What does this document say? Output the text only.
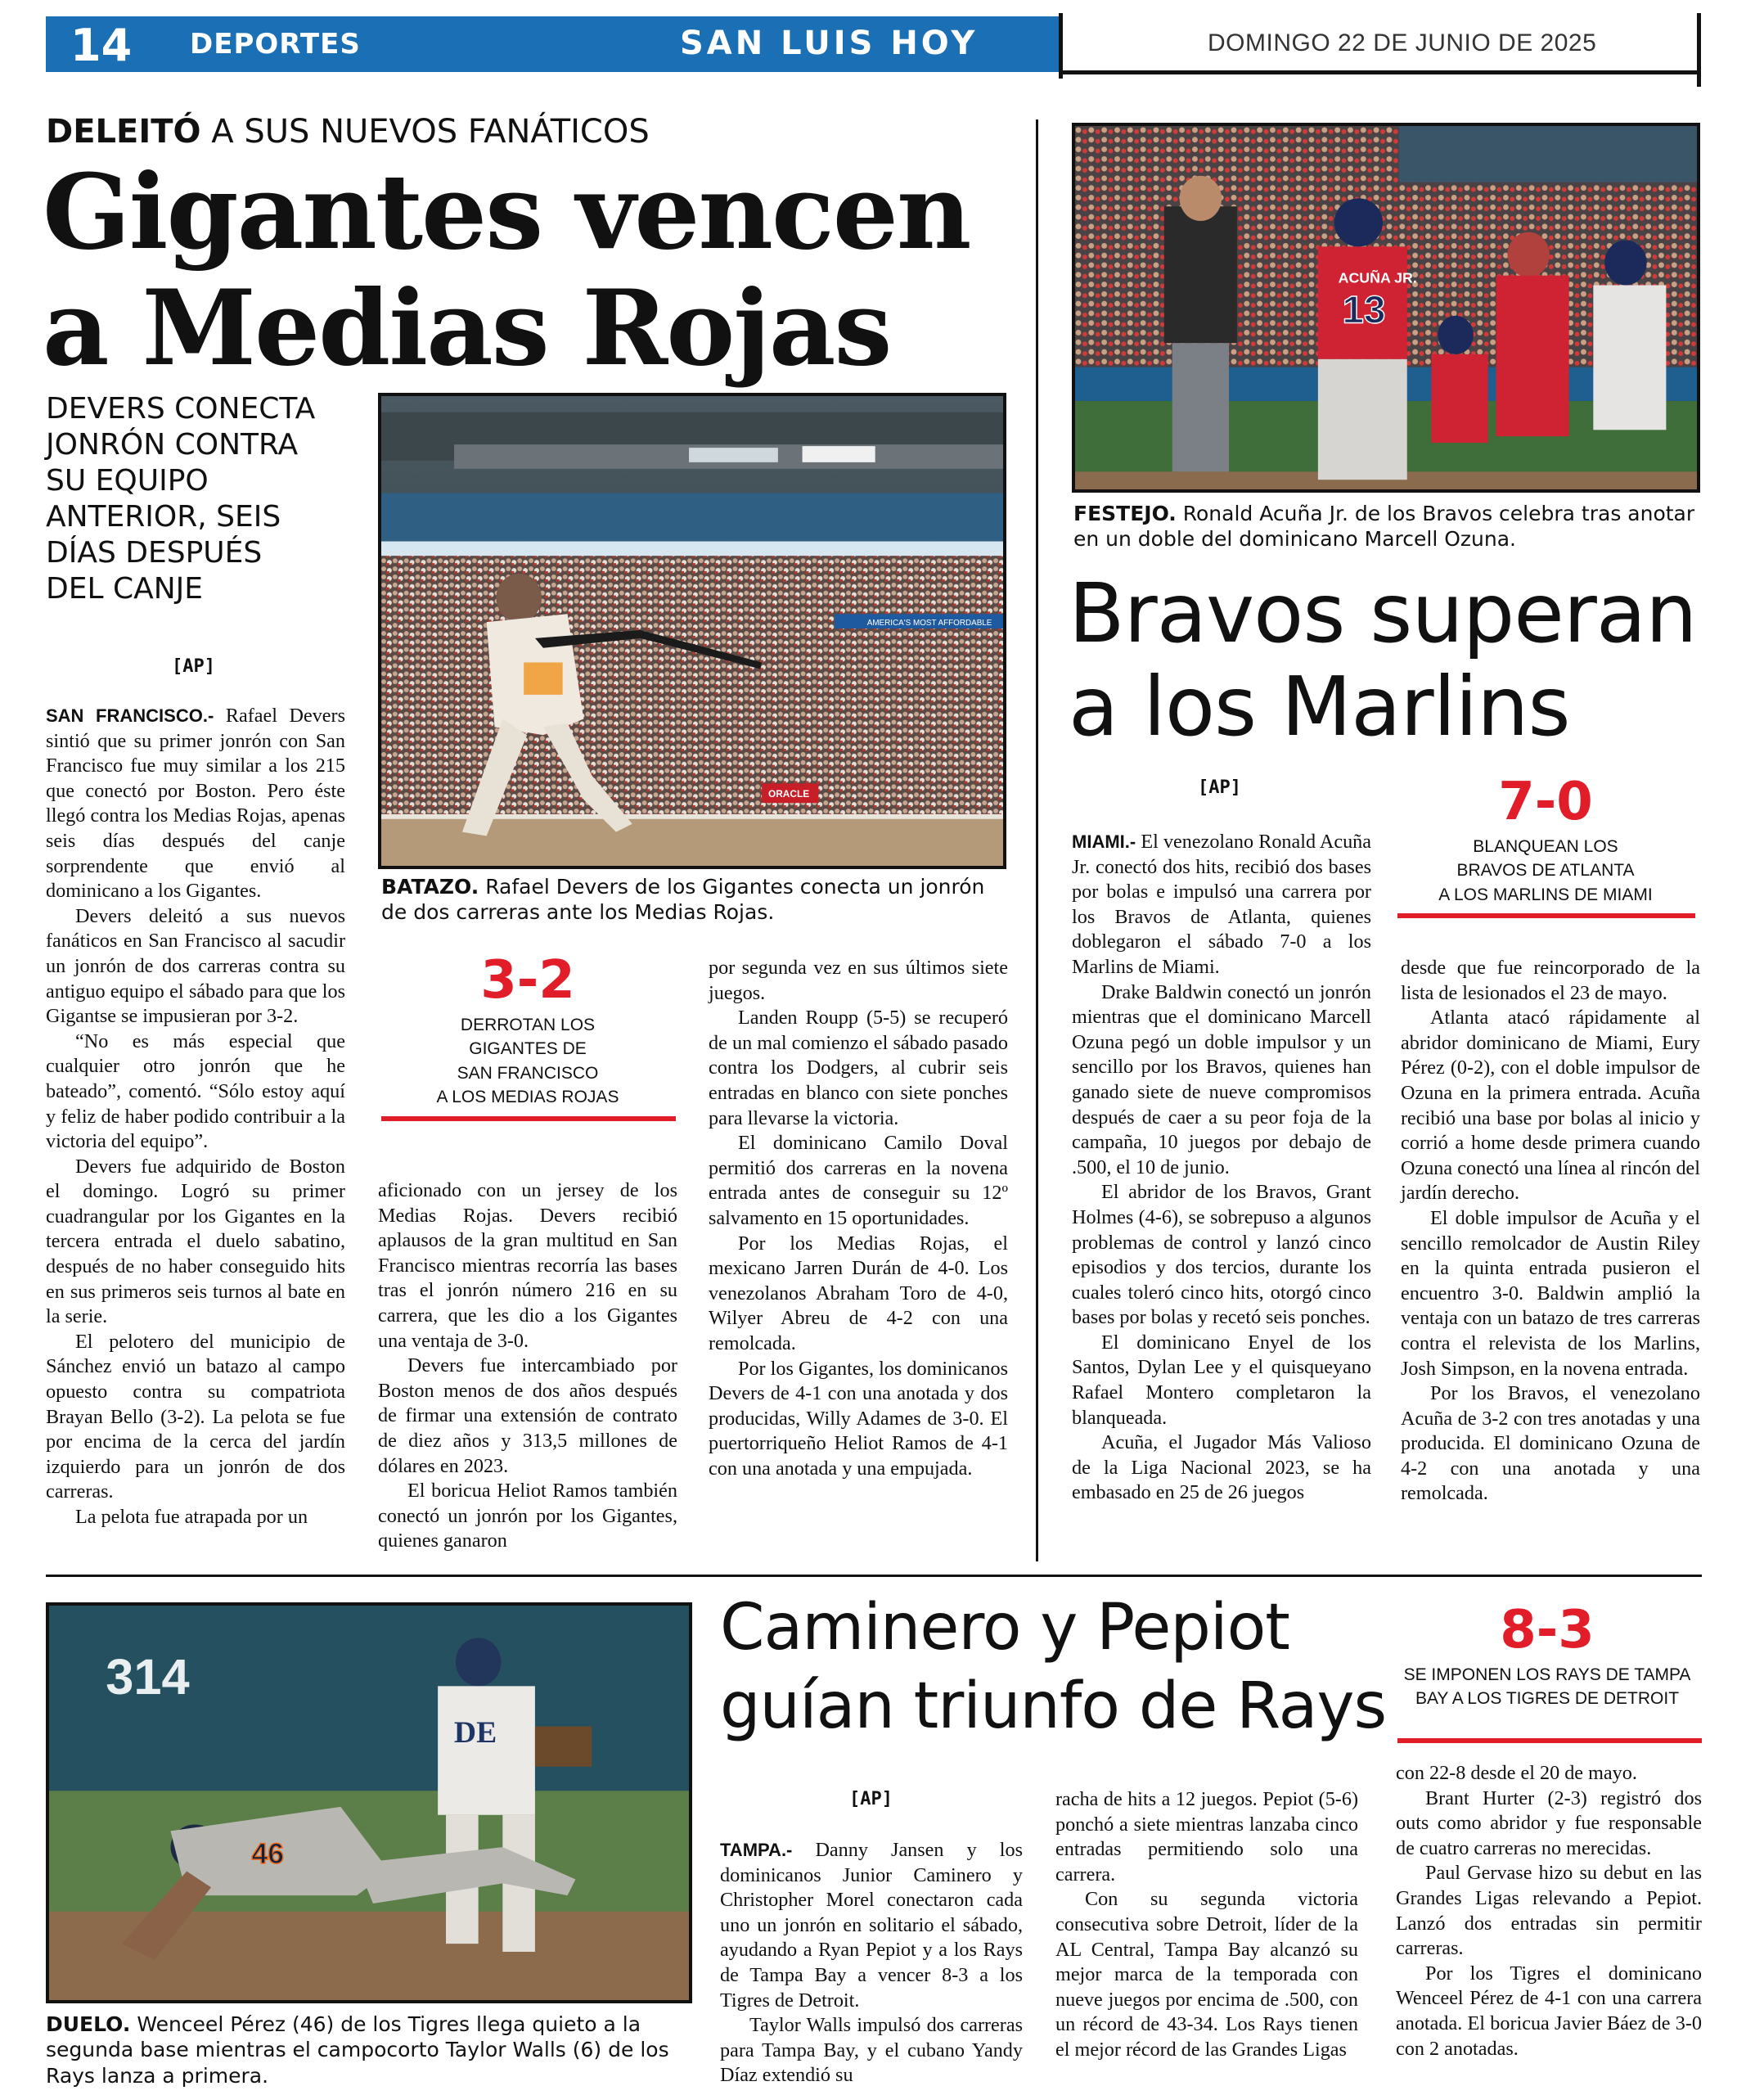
14 DEPORTES	SAN LUIS HOY	DOMINGO 22 DE JUNIO DE 2025
DELEITÓ A SUS NUEVOS FANÁTICOS
Gigantes vencen
a Medias Rojas
DEVERS CONECTA
JONRÓN CONTRA
SU EQUIPO
ANTERIOR, SEIS
DÍAS DESPUÉS
DEL CANJE
[AP]
AMERICA'S MOST AFFORDABLE
ORACLE
BATAZO. Rafael Devers de los Gigantes conecta un jonrón de dos carreras ante los Medias Rojas.
3-2
DERROTAN LOS
GIGANTES DE
SAN FRANCISCO
A LOS MEDIAS ROJAS

SAN FRANCISCO.- Rafael Devers sintió que su primer jonrón con San Francisco fue muy similar a los 215 que conectó por Boston. Pero éste llegó contra los Medias Rojas, apenas seis días después del canje sorprendente que envió al dominicano a los Gigantes.

Devers deleitó a sus nuevos fanáticos en San Francisco al sacudir un jonrón de dos carreras contra su antiguo equipo el sábado para que los Gigantse se impusieran por 3-2.

“No es más especial que cualquier otro jonrón que he bateado”, comentó. “Sólo estoy aquí y feliz de haber podido contribuir a la victoria del equipo”.

Devers fue adquirido de Boston el domingo. Logró su primer cuadrangular por los Gigantes en la tercera entrada el duelo sabatino, después de no haber conseguido hits en sus primeros seis turnos al bate en la serie.

El pelotero del municipio de Sánchez envió un batazo al campo opuesto contra su compatriota Brayan Bello (3-2). La pelota se fue por encima de la cerca del jardín izquierdo para un jonrón de dos carreras.

La pelota fue atrapada por un

aficionado con un jersey de los Medias Rojas. Devers recibió aplausos de la gran multitud en San Francisco mientras recorría las bases tras el jonrón número 216 en su carrera, que les dio a los Gigantes una ventaja de 3-0.

Devers fue intercambiado por Boston menos de dos años después de firmar una extensión de contrato de diez años y 313,5 millones de dólares en 2023.

El boricua Heliot Ramos también conectó un jonrón por los Gigantes, quienes ganaron

por segunda vez en sus últimos siete juegos.

Landen Roupp (5-5) se recuperó de un mal comienzo el sábado pasado contra los Dodgers, al cubrir seis entradas en blanco con siete ponches para llevarse la victoria.

El dominicano Camilo Doval permitió dos carreras en la novena entrada antes de conseguir su 12º salvamento en 15 oportunidades.

Por los Medias Rojas, el mexicano Jarren Durán de 4-0. Los venezolanos Abraham Toro de 4-0, Wilyer Abreu de 4-2 con una remolcada.

Por los Gigantes, los dominicanos Devers de 4-1 con una anotada y dos producidas, Willy Adames de 3-0. El puertorriqueño Heliot Ramos de 4-1 con una anotada y una empujada.

ACUÑA JR.
13
FESTEJO. Ronald Acuña Jr. de los Bravos celebra tras anotar en un doble del dominicano Marcell Ozuna.
Bravos superan
a los Marlins
[AP]	7-0
BLANQUEAN LOS
BRAVOS DE ATLANTA
A LOS MARLINS DE MIAMI

MIAMI.- El venezolano Ronald Acuña Jr. conectó dos hits, recibió dos bases por bolas e impulsó una carrera por los Bravos de Atlanta, quienes doblegaron el sábado 7-0 a los Marlins de Miami.

Drake Baldwin conectó un jonrón mientras que el dominicano Marcell Ozuna pegó un doble impulsor y un sencillo por los Bravos, quienes han ganado siete de nueve compromisos después de caer a su peor foja de la campaña, 10 juegos por debajo de .500, el 10 de junio.

El abridor de los Bravos, Grant Holmes (4-6), se sobrepuso a algunos problemas de control y lanzó cinco episodios y dos tercios, durante los cuales toleró cinco hits, otorgó cinco bases por bolas y recetó seis ponches.

El dominicano Enyel de los Santos, Dylan Lee y el quisqueyano Rafael Montero completaron la blanqueada.

Acuña, el Jugador Más Valioso de la Liga Nacional 2023, se ha embasado en 25 de 26 juegos

desde que fue reincorporado de la lista de lesionados el 23 de mayo.

Atlanta atacó rápidamente al abridor dominicano de Miami, Eury Pérez (0-2), con el doble impulsor de Ozuna en la primera entrada. Acuña recibió una base por bolas al inicio y corrió a home desde primera cuando Ozuna conectó una línea al rincón del jardín derecho.

El doble impulsor de Acuña y el sencillo remolcador de Austin Riley en la quinta entrada pusieron el encuentro 3-0. Baldwin amplió la ventaja con un batazo de tres carreras contra el relevista de los Marlins, Josh Simpson, en la novena entrada.

Por los Bravos, el venezolano Acuña de 3-2 con tres anotadas y una producida. El dominicano Ozuna de 4-2 con una anotada y una remolcada.

314
DE
46
DUELO. Wenceel Pérez (46) de los Tigres llega quieto a la segunda base mientras el campocorto Taylor Walls (6) de los Rays lanza a primera.
Caminero y Pepiot
guían triunfo de Rays
[AP]
8-3
SE IMPONEN LOS RAYS DE TAMPA
BAY A LOS TIGRES DE DETROIT

TAMPA.- Danny Jansen y los dominicanos Junior Caminero y Christopher Morel conectaron cada uno un jonrón en solitario el sábado, ayudando a Ryan Pepiot y a los Rays de Tampa Bay a vencer 8-3 a los Tigres de Detroit.

Taylor Walls impulsó dos carreras para Tampa Bay, y el cubano Yandy Díaz extendió su

racha de hits a 12 juegos. Pepiot (5-6) ponchó a siete mientras lanzaba cinco entradas permitiendo solo una carrera.

Con su segunda victoria consecutiva sobre Detroit, líder de la AL Central, Tampa Bay alcanzó su mejor marca de la temporada con nueve juegos por encima de .500, con un récord de 43-34. Los Rays tienen el mejor récord de las Grandes Ligas

con 22-8 desde el 20 de mayo.

Brant Hurter (2-3) registró dos outs como abridor y fue responsable de cuatro carreras no merecidas.

Paul Gervase hizo su debut en las Grandes Ligas relevando a Pepiot. Lanzó dos entradas sin permitir carreras.

Por los Tigres el dominicano Wenceel Pérez de 4-1 con una carrera anotada. El boricua Javier Báez de 3-0 con 2 anotadas.
